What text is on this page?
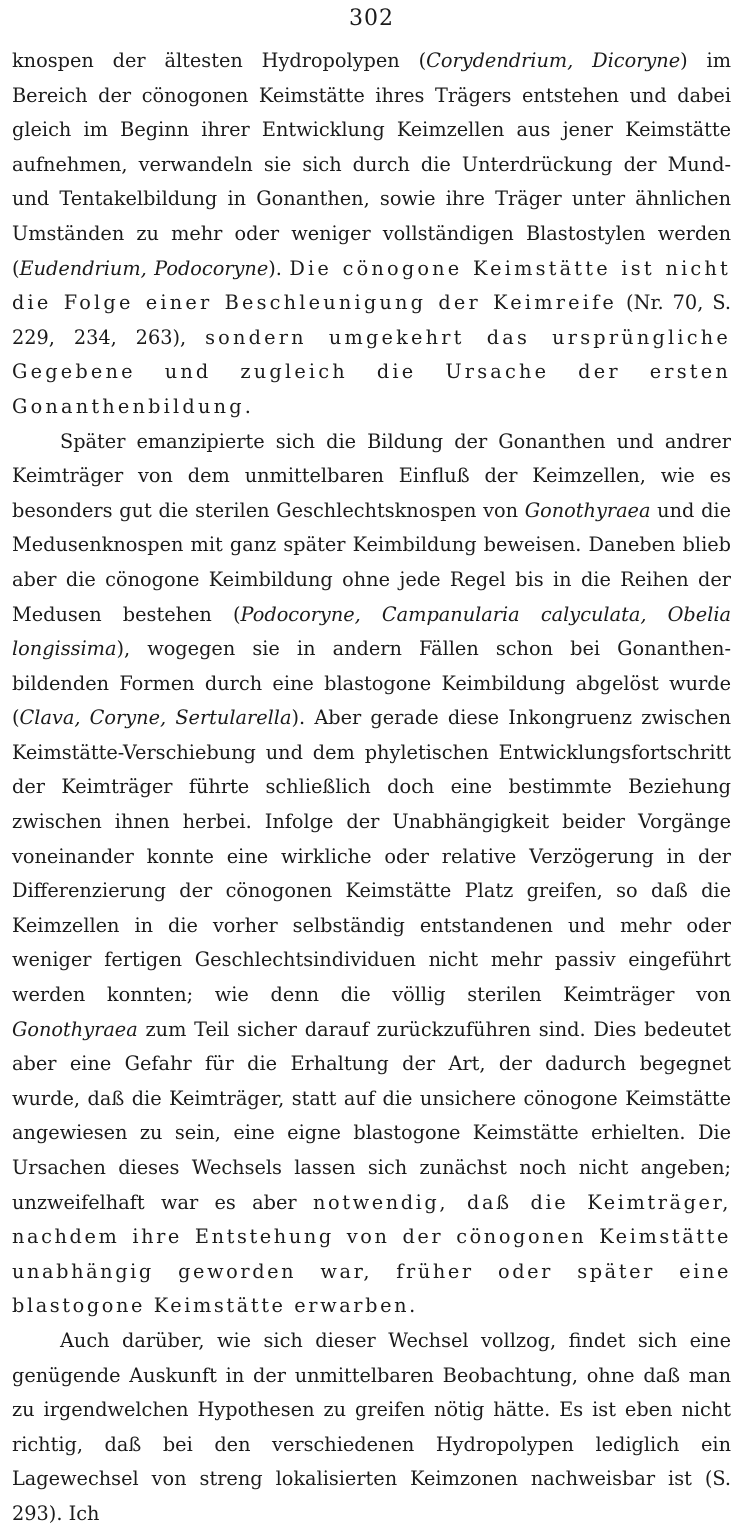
302

knospen der ältesten Hydropolypen (Corydendrium, Dicoryne) im Bereich der cönogonen Keimstätte ihres Trägers entstehen und dabei gleich im Beginn ihrer Entwicklung Keimzellen aus jener Keimstätte aufnehmen, verwandeln sie sich durch die Unterdrückung der Mund- und Tentakelbildung in Gonanthen, sowie ihre Träger unter ähnlichen Umständen zu mehr oder weniger vollständigen Blastostylen werden (Eudendrium, Podocoryne). Die cönogone Keimstätte ist nicht die Folge einer Beschleunigung der Keimreife (Nr. 70, S. 229, 234, 263), sondern umgekehrt das ursprüngliche Gegebene und zugleich die Ursache der ersten Gonanthenbildung.

Später emanzipierte sich die Bildung der Gonanthen und andrer Keimträger von dem unmittelbaren Einfluß der Keimzellen, wie es besonders gut die sterilen Geschlechtsknospen von Gonothyraea und die Medusenknospen mit ganz später Keimbildung beweisen. Daneben blieb aber die cönogone Keimbildung ohne jede Regel bis in die Reihen der Medusen bestehen (Podocoryne, Campanularia calyculata, Obelia longissima), wogegen sie in andern Fällen schon bei Gonanthen-bildenden Formen durch eine blastogone Keimbildung abgelöst wurde (Clava, Coryne, Sertularella). Aber gerade diese Inkongruenz zwischen Keimstätte-Verschiebung und dem phyletischen Entwicklungsfortschritt der Keimträger führte schließlich doch eine bestimmte Beziehung zwischen ihnen herbei. Infolge der Unabhängigkeit beider Vorgänge voneinander konnte eine wirkliche oder relative Verzögerung in der Differenzierung der cönogonen Keimstätte Platz greifen, so daß die Keimzellen in die vorher selbständig entstandenen und mehr oder weniger fertigen Geschlechtsindividuen nicht mehr passiv eingeführt werden konnten; wie denn die völlig sterilen Keimträger von Gonothyraea zum Teil sicher darauf zurückzuführen sind. Dies bedeutet aber eine Gefahr für die Erhaltung der Art, der dadurch begegnet wurde, daß die Keimträger, statt auf die unsichere cönogone Keimstätte angewiesen zu sein, eine eigne blastogone Keimstätte erhielten. Die Ursachen dieses Wechsels lassen sich zunächst noch nicht angeben; unzweifelhaft war es aber notwendig, daß die Keimträger, nachdem ihre Entstehung von der cönogonen Keimstätte unabhängig geworden war, früher oder später eine blastogone Keimstätte erwarben.

Auch darüber, wie sich dieser Wechsel vollzog, findet sich eine genügende Auskunft in der unmittelbaren Beobachtung, ohne daß man zu irgendwelchen Hypothesen zu greifen nötig hätte. Es ist eben nicht richtig, daß bei den verschiedenen Hydropolypen lediglich ein Lagewechsel von streng lokalisierten Keimzonen nachweisbar ist (S. 293). Ich
